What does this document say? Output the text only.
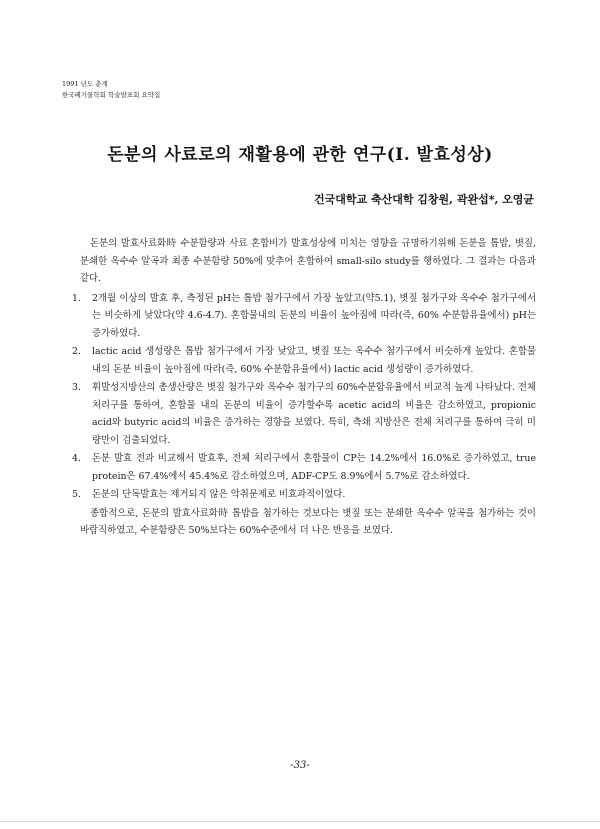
1991 년도 춘계
한국폐기물학회 학술발표회 요약집
돈분의 사료로의 재활용에 관한 연구(Ⅰ. 발효성상)
건국대학교 축산대학 김창원, 곽완섭*, 오영균

돈분의 발효사료화時 수분함량과 사료 혼합비가 발효성상에 미치는 영향을 규명하기위해 돈분을 톱밥, 볏짚, 분쇄한 옥수수 알곡과 최종 수분함량 50%에 맞추어 혼합하여 small-silo study를 행하였다. 그 결과는 다음과 같다.

1.	2개월 이상의 발효 후, 측정된 pH는 톱밥 첨가구에서 가장 높았고(약5.1), 볏짚 첨가구와 옥수수 첨가구에서는 비슷하게 낮았다(약 4.6-4.7). 혼합물내의 돈분의 비율이 높아짐에 따라(즉, 60% 수분함유율에서) pH는 증가하였다.
2.	lactic acid 생성량은 톱밥 첨가구에서 가장 낮았고, 볏짚 또는 옥수수 첨가구에서 비슷하게 높았다. 혼합물 내의 돈분 비율이 높아짐에 따라(즉, 60% 수분함유율에서) lactic acid 생성량이 증가하였다.
3.	휘발성지방산의 총생산량은 볏짚 첨가구와 옥수수 첨가구의 60%수분함유율에서 비교적 높게 나타났다. 전체 처리구를 통하여, 혼합물 내의 돈분의 비율이 증가할수록 acetic acid의 비율은 감소하였고, propionic acid와 butyric acid의 비율은 증가하는 경향을 보였다. 특히, 측쇄 지방산은 전체 처리구를 통하여 극히 미량만이 검출되었다.
4.	돈분 발효 전과 비교해서 발효후, 전체 처리구에서 혼합물이 CP는 14.2%에서 16.0%로 증가하였고, true protein은 67.4%에서 45.4%로 감소하였으며, ADF-CP도 8.9%에서 5.7%로 감소하였다.
5.	돈분의 단독발효는 제거되지 않은 악취문제로 비효과적이었다.

종합적으로, 돈분의 발효사료화時 톱밥을 첨가하는 것보다는 볏짚 또는 분쇄한 옥수수 알곡을 첨가하는 것이 바람직하였고, 수분함량은 50%보다는 60%수준에서 더 나은 반응을 보였다.

-33-
